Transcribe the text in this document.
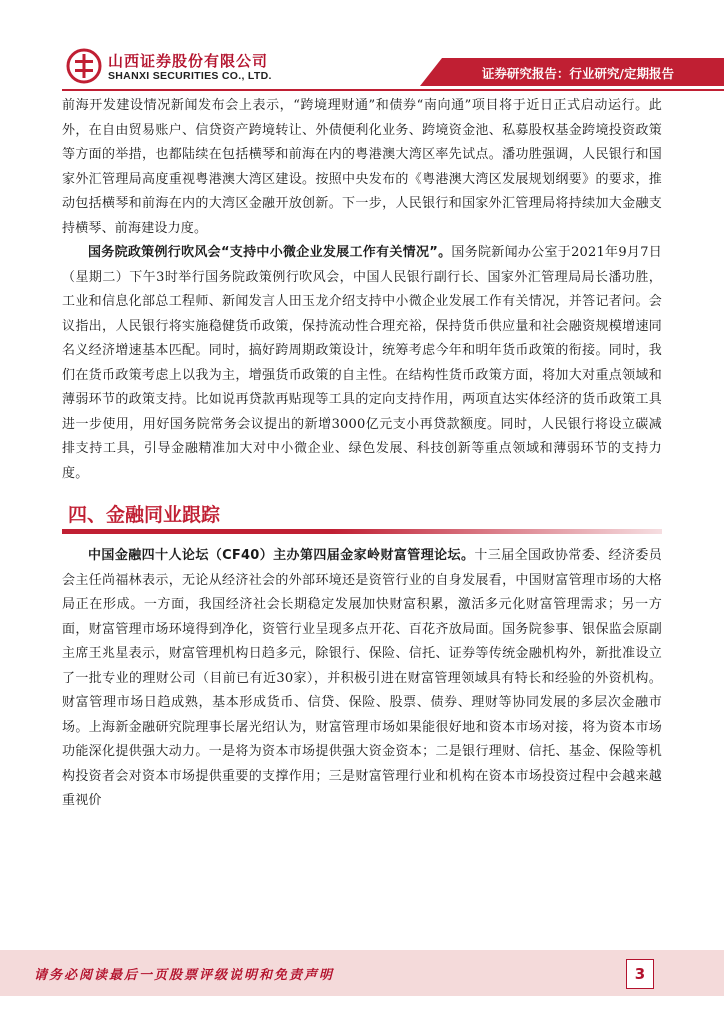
山西证券股份有限公司
SHANXI SECURITIES CO., LTD.	证券研究报告：行业研究/定期报告

前海开发建设情况新闻发布会上表示，“跨境理财通”和债券“南向通”项目将于近日正式启动运行。此外，在自由贸易账户、信贷资产跨境转让、外债便利化业务、跨境资金池、私募股权基金跨境投资政策等方面的举措，也都陆续在包括横琴和前海在内的粤港澳大湾区率先试点。潘功胜强调，人民银行和国家外汇管理局高度重视粤港澳大湾区建设。按照中央发布的《粤港澳大湾区发展规划纲要》的要求，推动包括横琴和前海在内的大湾区金融开放创新。下一步，人民银行和国家外汇管理局将持续加大金融支持横琴、前海建设力度。

国务院政策例行吹风会“支持中小微企业发展工作有关情况”。国务院新闻办公室于2021年9月7日（星期二）下午3时举行国务院政策例行吹风会，中国人民银行副行长、国家外汇管理局局长潘功胜，工业和信息化部总工程师、新闻发言人田玉龙介绍支持中小微企业发展工作有关情况，并答记者问。会议指出，人民银行将实施稳健货币政策，保持流动性合理充裕，保持货币供应量和社会融资规模增速同名义经济增速基本匹配。同时，搞好跨周期政策设计，统筹考虑今年和明年货币政策的衔接。同时，我们在货币政策考虑上以我为主，增强货币政策的自主性。在结构性货币政策方面，将加大对重点领域和薄弱环节的政策支持。比如说再贷款再贴现等工具的定向支持作用，两项直达实体经济的货币政策工具进一步使用，用好国务院常务会议提出的新增3000亿元支小再贷款额度。同时，人民银行将设立碳减排支持工具，引导金融精准加大对中小微企业、绿色发展、科技创新等重点领域和薄弱环节的支持力度。

四、金融同业跟踪

中国金融四十人论坛（CF40）主办第四届金家岭财富管理论坛。十三届全国政协常委、经济委员会主任尚福林表示，无论从经济社会的外部环境还是资管行业的自身发展看，中国财富管理市场的大格局正在形成。一方面，我国经济社会长期稳定发展加快财富积累，激活多元化财富管理需求；另一方面，财富管理市场环境得到净化，资管行业呈现多点开花、百花齐放局面。国务院参事、银保监会原副主席王兆星表示，财富管理机构日趋多元，除银行、保险、信托、证券等传统金融机构外，新批准设立了一批专业的理财公司（目前已有近30家），并积极引进在财富管理领域具有特长和经验的外资机构。财富管理市场日趋成熟，基本形成货币、信贷、保险、股票、债券、理财等协同发展的多层次金融市场。上海新金融研究院理事长屠光绍认为，财富管理市场如果能很好地和资本市场对接，将为资本市场功能深化提供强大动力。一是将为资本市场提供强大资金资本；二是银行理财、信托、基金、保险等机构投资者会对资本市场提供重要的支撑作用；三是财富管理行业和机构在资本市场投资过程中会越来越重视价

请务必阅读最后一页股票评级说明和免责声明	3
